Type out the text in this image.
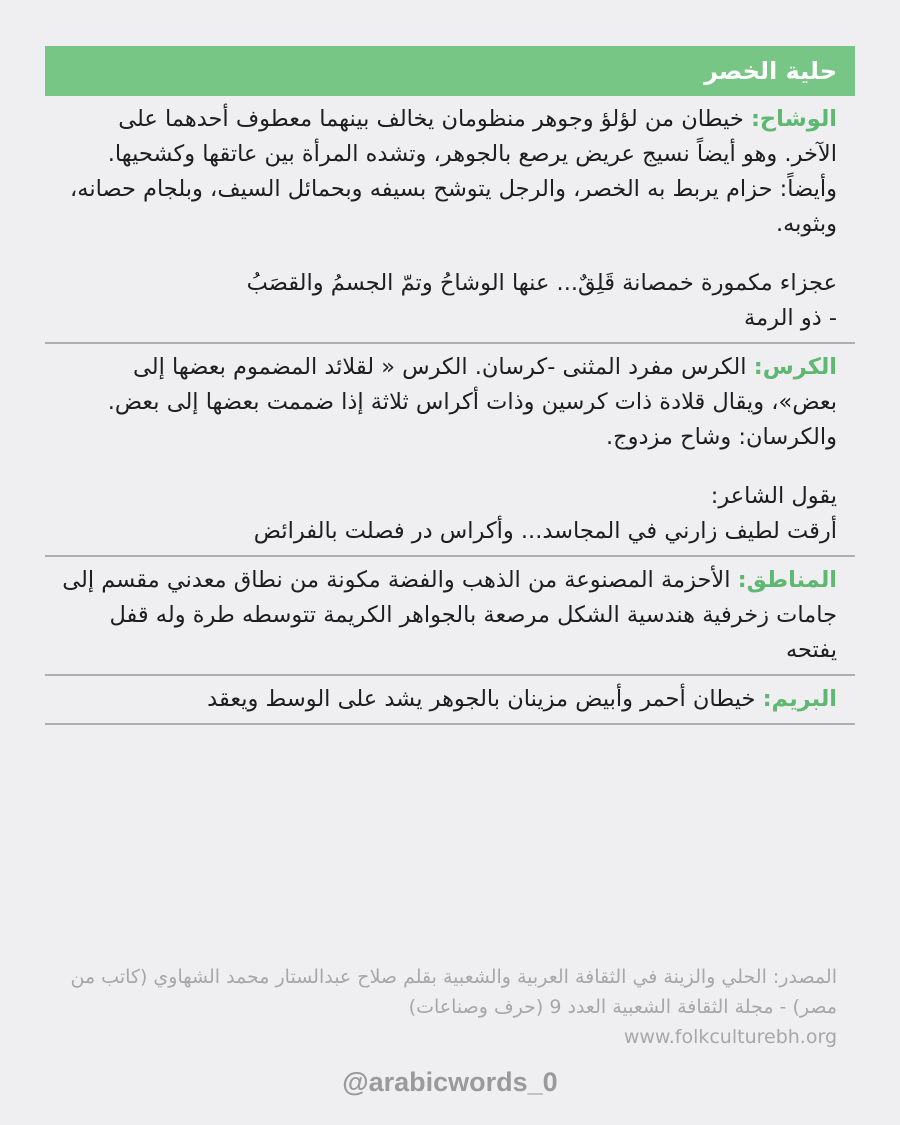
حلية الخصر

الوشاح: خيطان من لؤلؤ وجوهر منظومان يخالف بينهما معطوف أحدهما على الآخر. وهو أيضاً نسيج عريض يرصع بالجوهر، وتشده المرأة بين عاتقها وكشحيها. وأيضاً: حزام يربط به الخصر، والرجل يتوشح بسيفه وبحمائل السيف، وبلجام حصانه، وبثوبه.

عجزاء مكمورة خمصانة قَلِقٌ... عنها الوشاحُ وتمّ الجسمُ والقصَبُ

- ذو الرمة

الكرس: الكرس مفرد المثنى -كرسان. الكرس « لقلائد المضموم بعضها إلى بعض»، ويقال قلادة ذات كرسين وذات أكراس ثلاثة إذا ضممت بعضها إلى بعض. والكرسان: وشاح مزدوج.

يقول الشاعر:

أرقت لطيف زارني في المجاسد... وأكراس در فصلت بالفرائض

المناطق: الأحزمة المصنوعة من الذهب والفضة مكونة من نطاق معدني مقسم إلى جامات زخرفية هندسية الشكل مرصعة بالجواهر الكريمة تتوسطه طرة وله قفل يفتحه

البريم: خيطان أحمر وأبيض مزينان بالجوهر يشد على الوسط ويعقد

المصدر: الحلي والزينة في الثقافة العربية والشعبية بقلم صلاح عبدالستار محمد الشهاوي (كاتب من مصر) - مجلة الثقافة الشعبية العدد 9 (حرف وصناعات)
www.folkculturebh.org
@arabicwords_0
